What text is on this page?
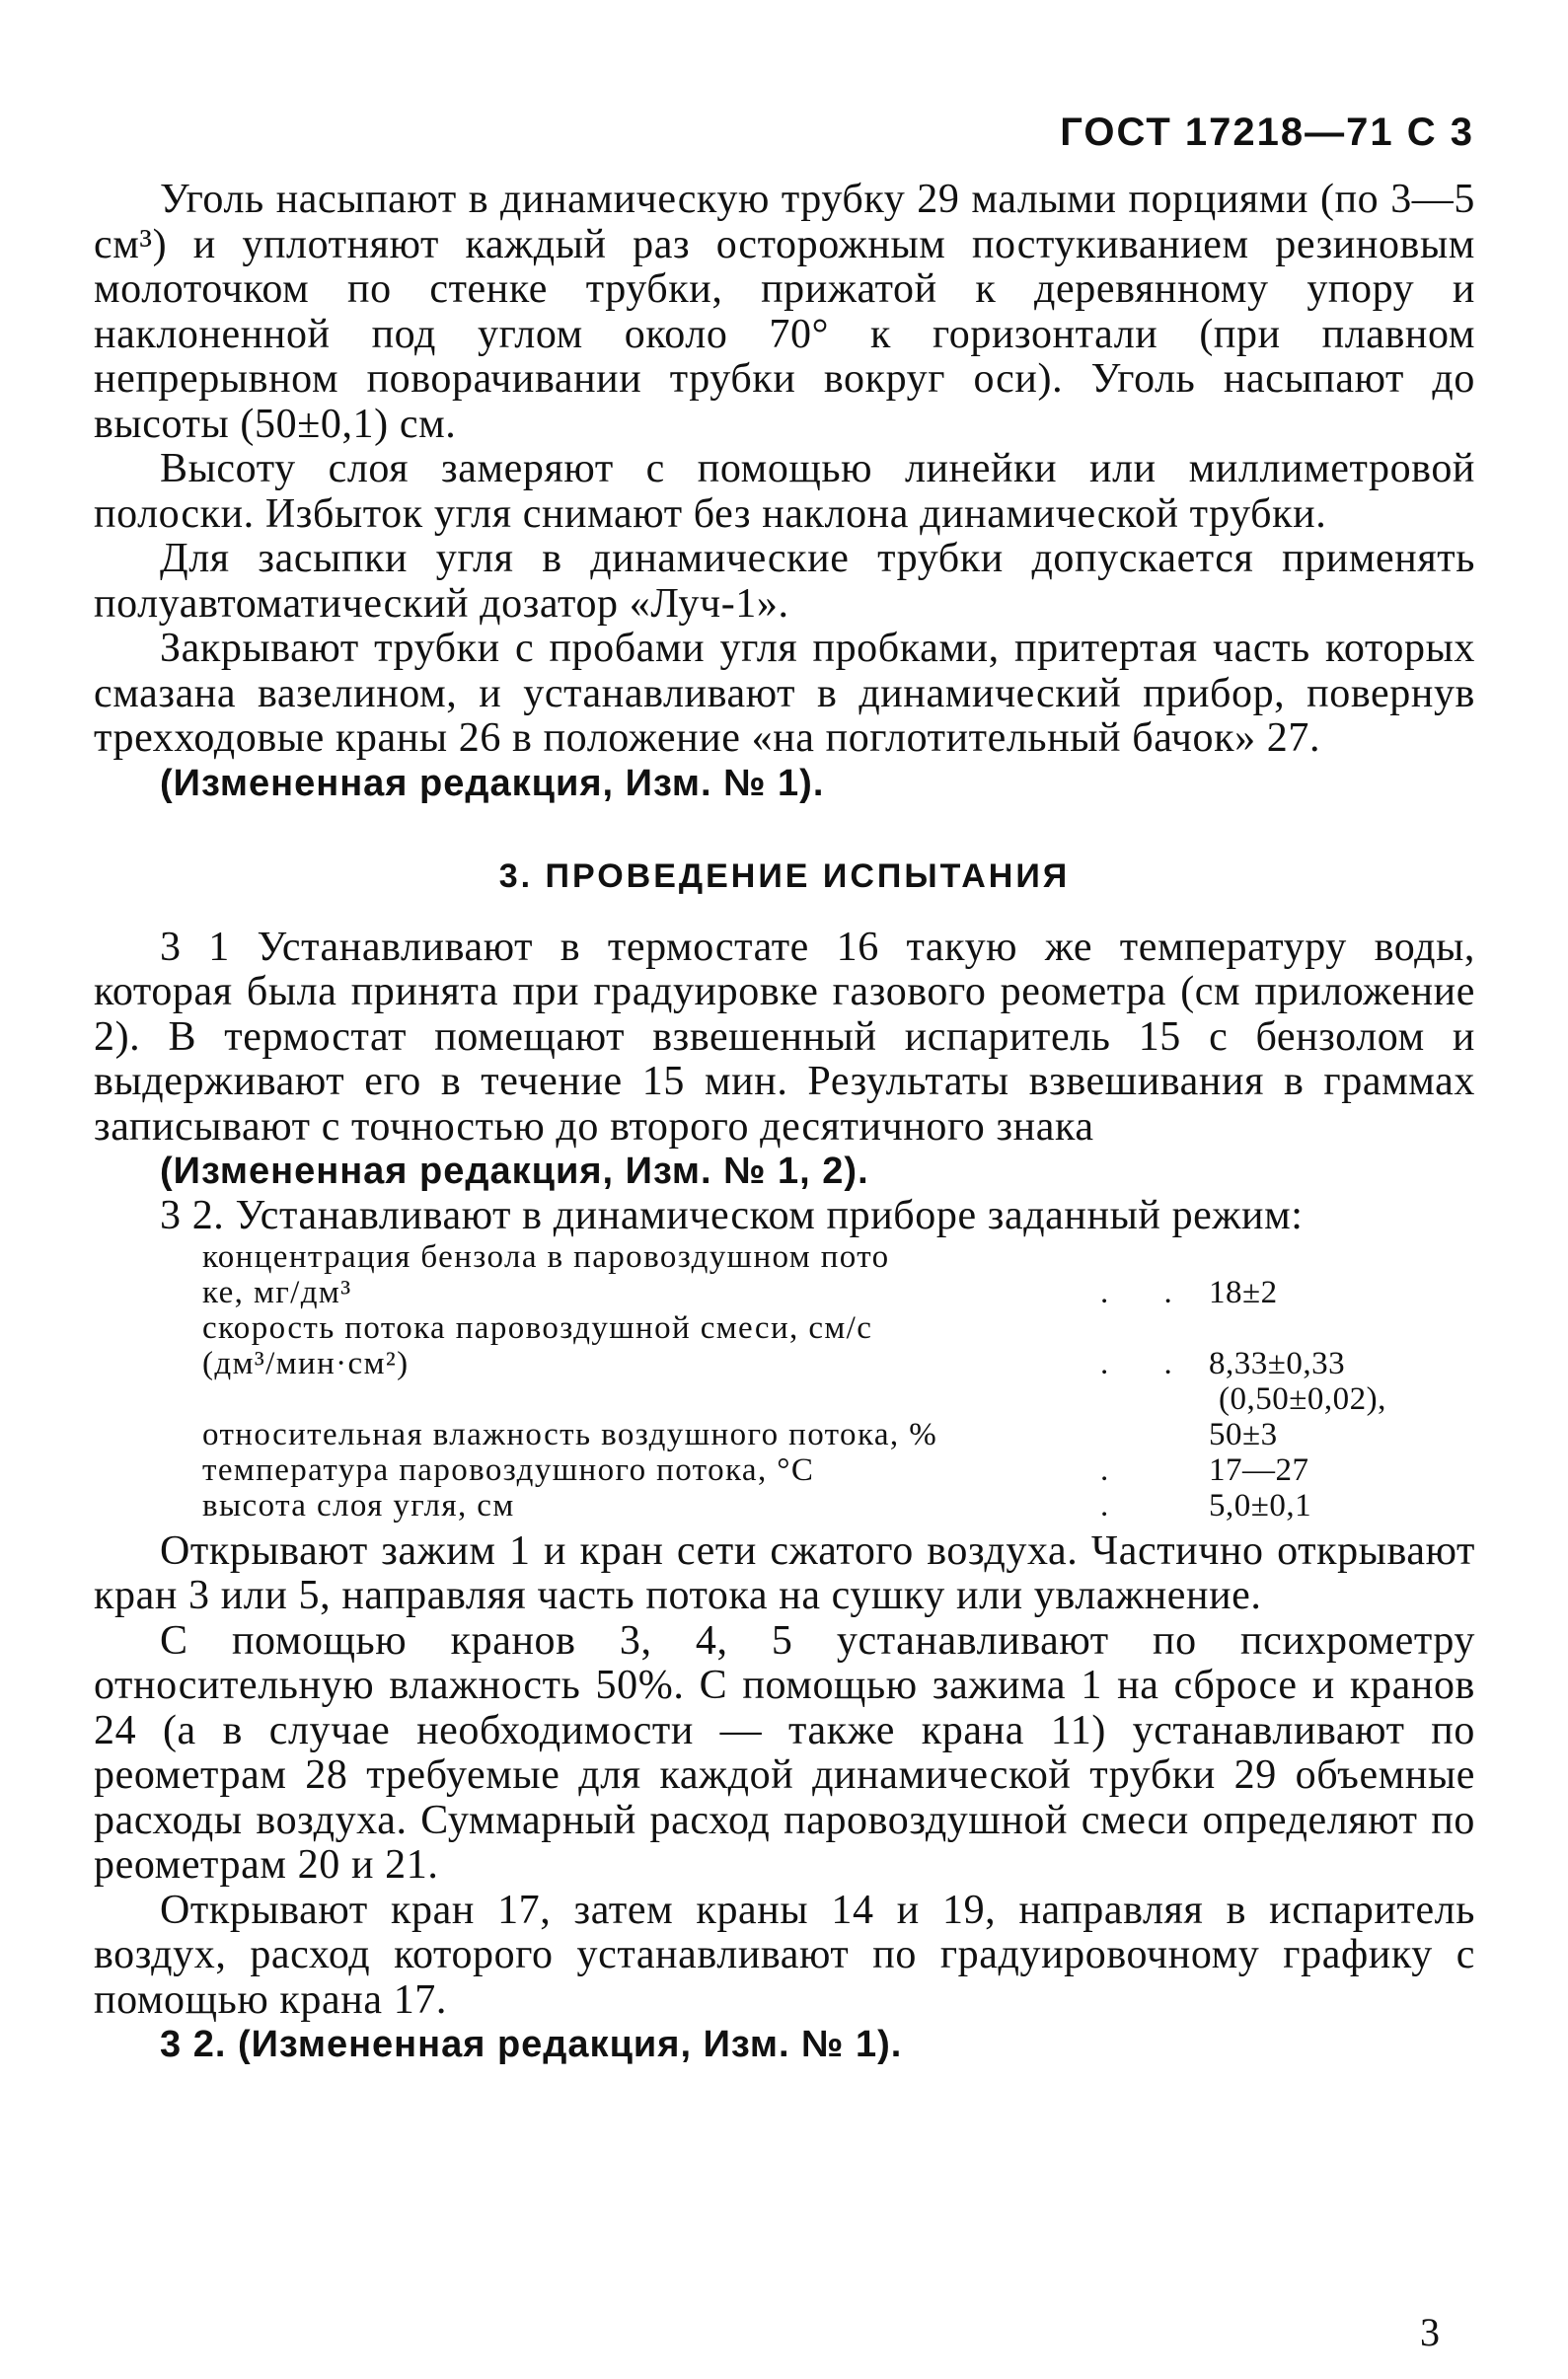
ГОСТ 17218—71 С 3

Уголь насыпают в динамическую трубку 29 малыми порциями (по 3—5 см³) и уплотняют каждый раз осторожным постукиванием резиновым молоточком по стенке трубки, прижатой к деревянному упору и наклоненной под углом около 70° к горизонтали (при плавном непрерывном поворачивании трубки вокруг оси). Уголь насыпают до высоты (50±0,1) см.

Высоту слоя замеряют с помощью линейки или миллиметровой полоски. Избыток угля снимают без наклона динамической трубки.

Для засыпки угля в динамические трубки допускается применять полуавтоматический дозатор «Луч-1».

Закрывают трубки с пробами угля пробками, притертая часть которых смазана вазелином, и устанавливают в динамический прибор, повернув трехходовые краны 26 в положение «на поглотительный бачок» 27.

(Измененная редакция, Изм. № 1).

3. ПРОВЕДЕНИЕ ИСПЫТАНИЯ

3 1 Устанавливают в термостате 16 такую же температуру воды, которая была принята при градуировке газового реометра (см приложение 2). В термостат помещают взвешенный испаритель 15 с бензолом и выдерживают его в течение 15 мин. Результаты взвешивания в граммах записывают с точностью до второго десятичного знака

(Измененная редакция, Изм. № 1, 2).

3 2. Устанавливают в динамическом приборе заданный режим:

концентрация бензола в паровоздушном пото
ке, мг/дм³	. . 18±2
скорость потока паровоздушной смеси, см/с
(дм³/мин·см²)	. . 8,33±0,33
(0,50±0,02),
относительная влажность воздушного потока, %	50±3
температура паровоздушного потока, °С	.	17—27
высота слоя угля, см	.	5,0±0,1

Открывают зажим 1 и кран сети сжатого воздуха. Частично открывают кран 3 или 5, направляя часть потока на сушку или увлажнение.

С помощью кранов 3, 4, 5 устанавливают по психрометру относительную влажность 50%. С помощью зажима 1 на сбросе и кранов 24 (а в случае необходимости — также крана 11) устанавливают по реометрам 28 требуемые для каждой динамической трубки 29 объемные расходы воздуха. Суммарный расход паровоздушной смеси определяют по реометрам 20 и 21.

Открывают кран 17, затем краны 14 и 19, направляя в испаритель воздух, расход которого устанавливают по градуировочному графику с помощью крана 17.

3 2. (Измененная редакция, Изм. № 1).

3
